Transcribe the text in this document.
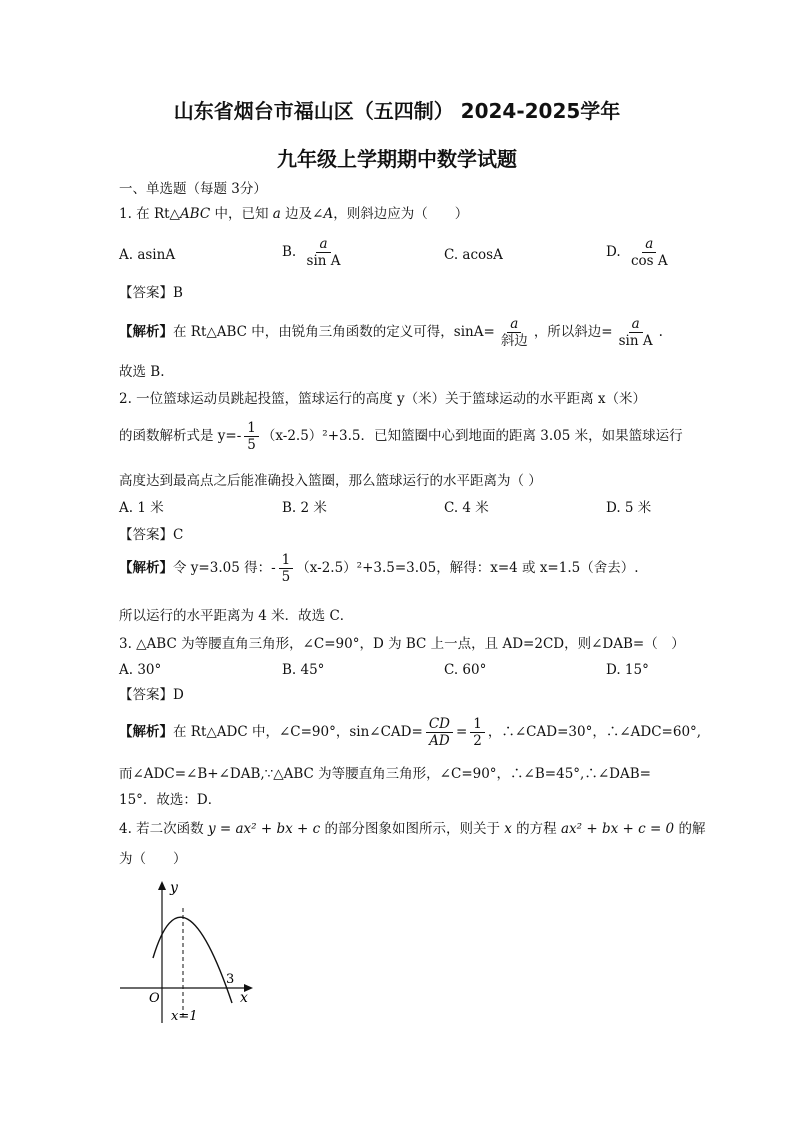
山东省烟台市福山区（五四制） 2024-2025学年
九年级上学期期中数学试题
一、单选题（每题 3分）
1. 在 Rt△ABC 中，已知 a 边及∠A，则斜边应为（　　）
A. asinA	B. $\frac{a}{\text{sin A}}$	C. acosA	D. $\frac{a}{\text{cos A}}$
【答案】B
【解析】在 Rt△ABC 中，由锐角三角函数的定义可得，$\sin A= \frac{a}{\text{斜边}}$ ，所以斜边= $\frac{a}{\text{sin A}}$ .
故选 B.
2. 一位篮球运动员跳起投篮，篮球运行的高度 y（米）关于篮球运动的水平距离 x（米）
的函数解析式是 $y=- \frac{1}{5} (x-2.5)^2+3.5$．已知篮圈中心到地面的距离 3.05 米，如果篮球运行
高度达到最高点之后能准确投入篮圈，那么篮球运行的水平距离为（ ）
A. 1 米	B. 2 米	C. 4 米	D. 5 米
【答案】C
【解析】令 y=3.05 得：- $\frac{1}{5} (x-2.5)^2+3.5=3.05$，解得：x=4 或 x=1.5（舍去）.
所以运行的水平距离为 4 米．故选 C．
3. △ABC 为等腰直角三角形，∠C=90°，D 为 BC 上一点，且 AD=2CD，则∠DAB=（　）
A. 30°	B. 45°	C. 60°	D. 15°
【答案】D
【解析】在 Rt△ADC 中，∠C=90°，sin∠CAD= $\frac{CD}{AD} = \frac{1}{2}$ ，∴∠CAD=30°，∴∠ADC=60°,
而∠ADC=∠B+∠DAB,∵△ABC 为等腰直角三角形，∠C=90°，∴∠B=45°,∴∠DAB=
15°．故选：D．
4. 若二次函数 y = ax² + bx + c 的部分图象如图所示，则关于 x 的方程 ax² + bx + c = 0 的解
为（　　）
y
x
O
3
x=1
